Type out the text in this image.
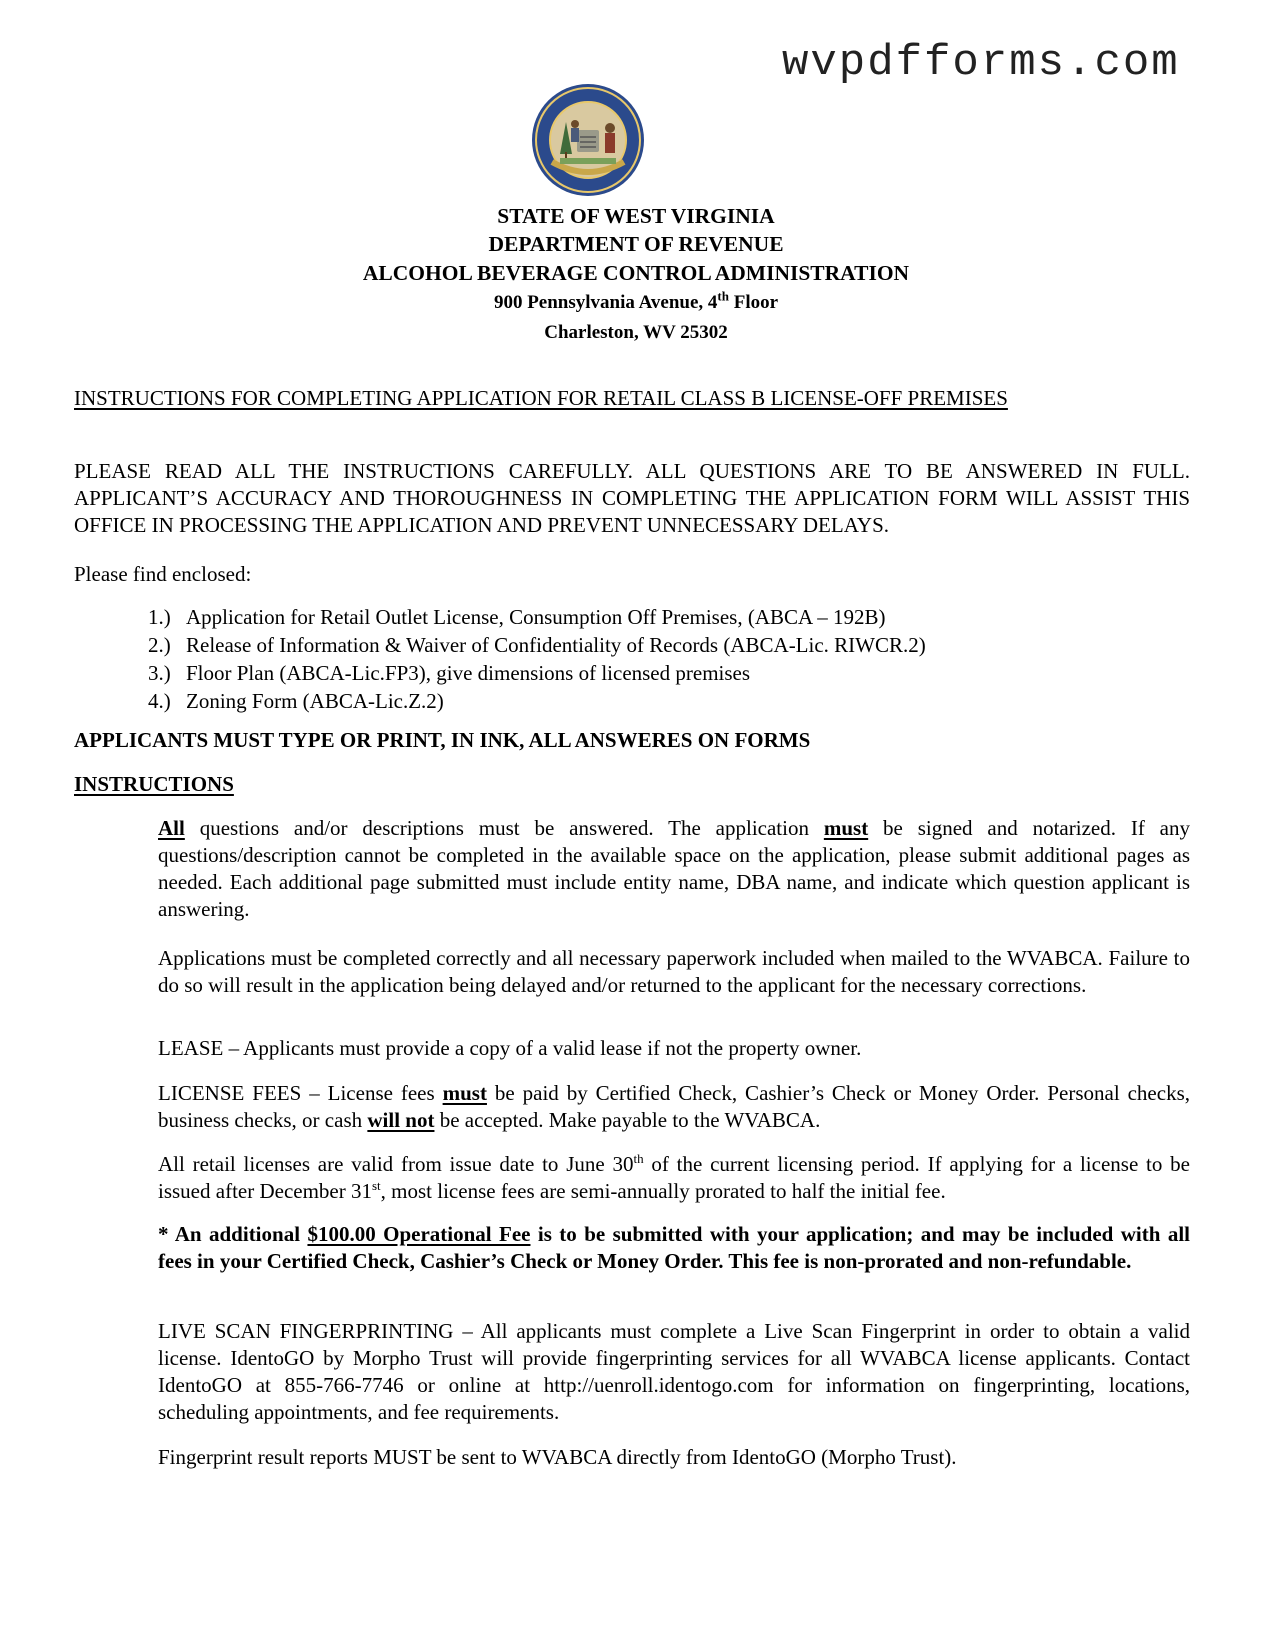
wvpdfforms.com
STATE OF WEST VIRGINIA
DEPARTMENT OF REVENUE
ALCOHOL BEVERAGE CONTROL ADMINISTRATION
900 Pennsylvania Avenue, 4th Floor
Charleston, WV 25302
INSTRUCTIONS FOR COMPLETING APPLICATION FOR RETAIL CLASS B LICENSE-OFF PREMISES
PLEASE READ ALL THE INSTRUCTIONS CAREFULLY. ALL QUESTIONS ARE TO BE ANSWERED IN FULL. APPLICANT’S ACCURACY AND THOROUGHNESS IN COMPLETING THE APPLICATION FORM WILL ASSIST THIS OFFICE IN PROCESSING THE APPLICATION AND PREVENT UNNECESSARY DELAYS.
Please find enclosed:
1.) Application for Retail Outlet License, Consumption Off Premises, (ABCA – 192B)
2.) Release of Information & Waiver of Confidentiality of Records (ABCA-Lic. RIWCR.2)
3.) Floor Plan (ABCA-Lic.FP3), give dimensions of licensed premises
4.) Zoning Form (ABCA-Lic.Z.2)
APPLICANTS MUST TYPE OR PRINT, IN INK, ALL ANSWERES ON FORMS
INSTRUCTIONS
All questions and/or descriptions must be answered. The application must be signed and notarized. If any questions/description cannot be completed in the available space on the application, please submit additional pages as needed. Each additional page submitted must include entity name, DBA name, and indicate which question applicant is answering.
Applications must be completed correctly and all necessary paperwork included when mailed to the WVABCA. Failure to do so will result in the application being delayed and/or returned to the applicant for the necessary corrections.
LEASE – Applicants must provide a copy of a valid lease if not the property owner.
LICENSE FEES – License fees must be paid by Certified Check, Cashier’s Check or Money Order. Personal checks, business checks, or cash will not be accepted. Make payable to the WVABCA.
All retail licenses are valid from issue date to June 30th of the current licensing period. If applying for a license to be issued after December 31st, most license fees are semi-annually prorated to half the initial fee.
* An additional $100.00 Operational Fee is to be submitted with your application; and may be included with all fees in your Certified Check, Cashier’s Check or Money Order. This fee is non-prorated and non-refundable.
LIVE SCAN FINGERPRINTING – All applicants must complete a Live Scan Fingerprint in order to obtain a valid license. IdentoGO by Morpho Trust will provide fingerprinting services for all WVABCA license applicants. Contact IdentoGO at 855-766-7746 or online at http://uenroll.identogo.com for information on fingerprinting, locations, scheduling appointments, and fee requirements.
Fingerprint result reports MUST be sent to WVABCA directly from IdentoGO (Morpho Trust).
